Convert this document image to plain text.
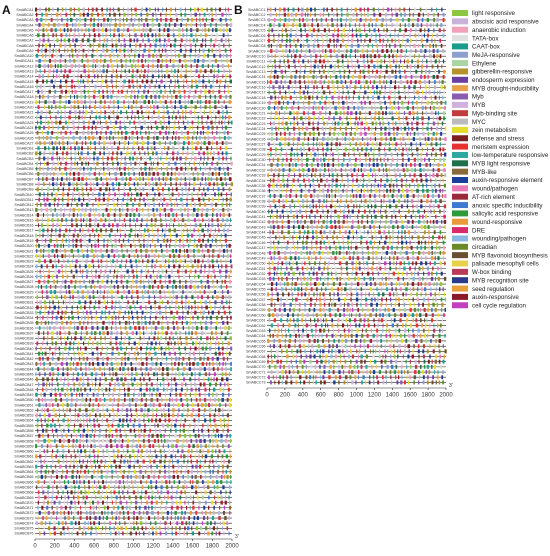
A	B
SmABCA1
SmABCA2
SmABCA3
SmABCA4
SmABCA5
SmABCA6
SmABCA7
SmABCA8
SmABCA9
SmABCA10
SmABCA11
SmABCA12
SmABCA13
SmABCA14
SmABCA15
SmABCA16
SmABCA17
SmABCA18
SmABCA19
SmABCA20
SmABCA21
SmABCA22
SmABCA23
SmABCA24
SmABCA25
SmABCA26
SmABCA27
SmABCB1
SmABCB2
SmABCB3
SmABCB4
SmABCB5
SmABCB6
SmABCB7
SmABCB8
SmABCB9
SmABCB10
SmABCB11
SmABCB12
SmABCB13
SmABCB14
SmABCB15
SmABCB16
SmABCB17
SmABCB18
SmABCB19
SmABCB20
SmABCB21
SmABCB22
SmABCB23
SmABCB24
SmABCB25
SmABCB26
SmABCB27
SmABCB28
SmABCB29
SmABCB30
SmABCB31
SmABCB32
SmABCB33
SmABCB34
SmABCB35
SmABCB36
SmABCB37
SmABCB38
SmABCB39
SmABCB40
SmABCB41
SmABCB42
SmABCB43
SmABCB44
SmABCB45
SmABCB46
SmABCB47
SmABCB48
SmABCB49
SmABCB50
SmABCB51
SmABCB52
SmABCB53
SmABCB54
SmABCB55
SmABCB56
SmABCB57
SmABCB58
SmABCB59
SmABCB60
SmABCB61
SmABCB62
SmABCB63
SmABCB64
SmABCB65
SmABCB66
SmABCB67
SmABCB68
SmABCB69
SmABCB70
SmABCB71
SmABCB72
SmABCB73
SmABCB74
SmABCB75
SmABCB76
0 200 400 600 800 1000 1200 1400 1600 1800 2000
3'
SmABCC1
SmABCC2
SmABCC3
SmABCC4
SmABCC5
SmABCC6
SmABCC7
SmABCC8
SmABCC9
SmABCC10
SmABCC11
SmABCC12
SmABCC13
SmABCC14
SmABCC15
SmABCC16
SmABCC17
SmABCC18
SmABCC19
SmABCC20
SmABCC21
SmABCC22
SmABCC23
SmABCC24
SmABCC25
SmABCC26
SmABCC27
SmABCC28
SmABCC29
SmABCC30
SmABCC31
SmABCC32
SmABCC33
SmABCC34
SmABCC35
SmABCC36
SmABCC37
SmABCC38
SmABCC39
SmABCC40
SmABCC41
SmABCC42
SmABCC43
SmABCC44
SmABCC45
SmABCC46
SmABCC47
SmABCC48
SmABCC49
SmABCC50
SmABCC51
SmABCC52
SmABCC53
SmABCC54
SmABCC55
SmABCC56
SmABCC57
SmABCC58
SmABCC59
SmABCC60
SmABCC61
SmABCC62
SmABCC63
SmABCC64
SmABCC65
SmABCC66
SmABCC67
SmABCC68
SmABCC69
SmABCC70
SmABCC71
SmABCC72
SmABCC73
0 200 400 600 800 1000 1200 1400 1600 1800 2000
3'
light responsive
abscisic acid responsive
anaerobic induction
TATA-box
CAAT-box
MeJA-responsive
Ethylene
gibberellin-responsive
endosperm expression
MYB drought-inducibility
Myb
MYB
Myb-binding site
MYC
zein metabolism
defense and stress
meristem expression
low-temperature responsive
MYB light responsive
MYB-like
auxin-responsive element
wound/pathogen
AT-rich element
anoxic specific inducibility
salicylic acid responsive
wound-responsive
DRE
wounding/pathogen
circadian
MYB flavonoid biosynthesis
palisade mesophyll cells
W-box binding
MYB recognition site
seed regulation
auxin-responsive
cell cycle regulation
